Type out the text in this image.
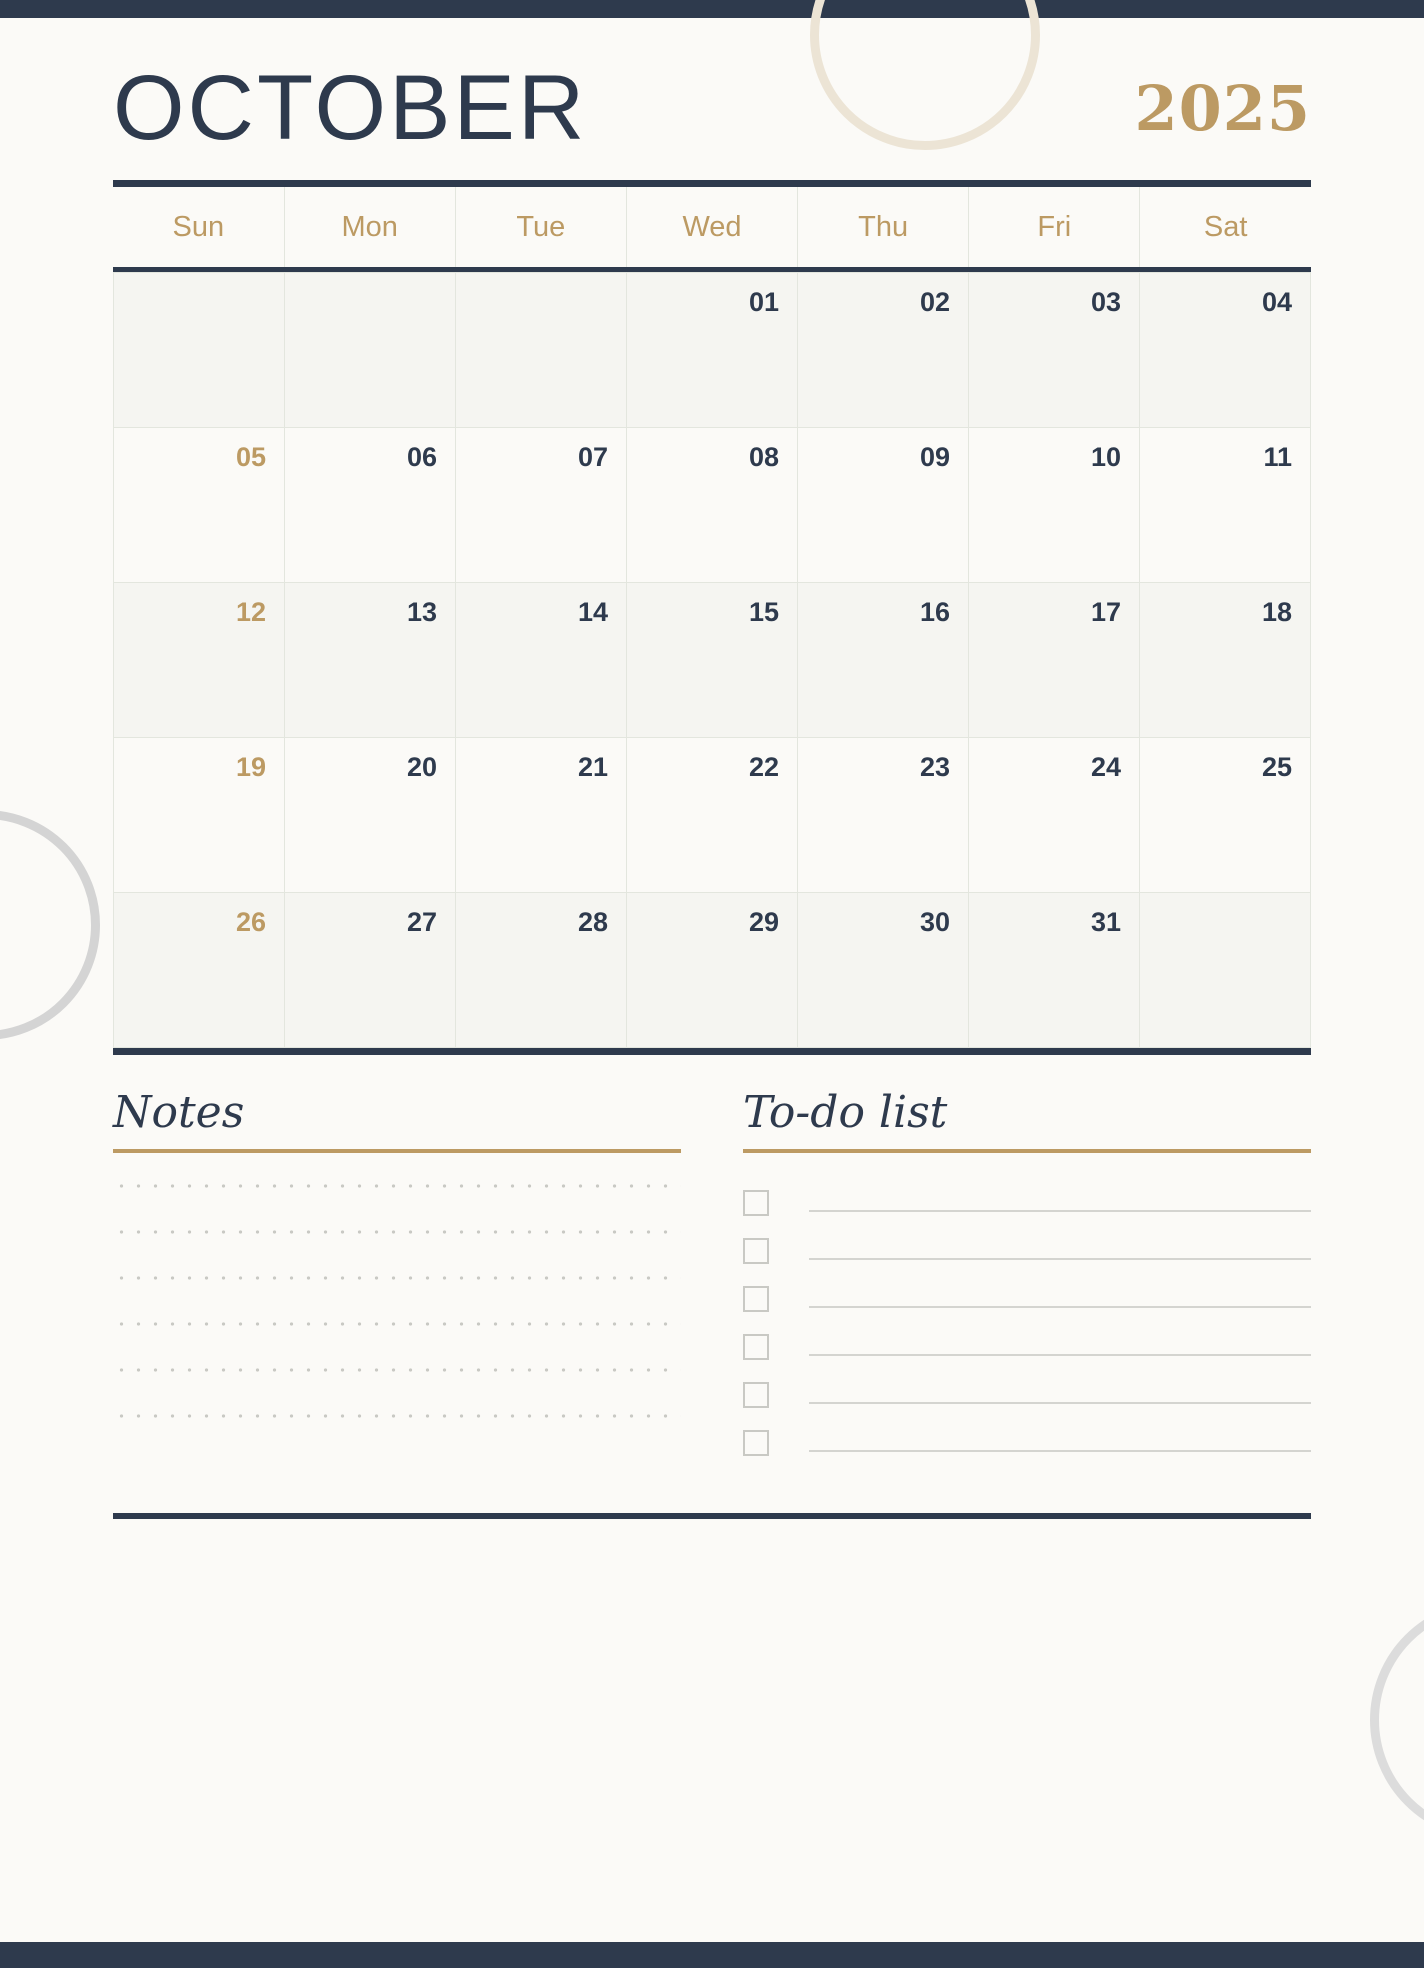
OCTOBER	2025
Sun	Mon	Tue	Wed	Thu	Fri	Sat
			01	02	03	04
05	06	07	08	09	10	11
12	13	14	15	16	17	18
19	20	21	22	23	24	25
26	27	28	29	30	31	
Notes	To-do list
